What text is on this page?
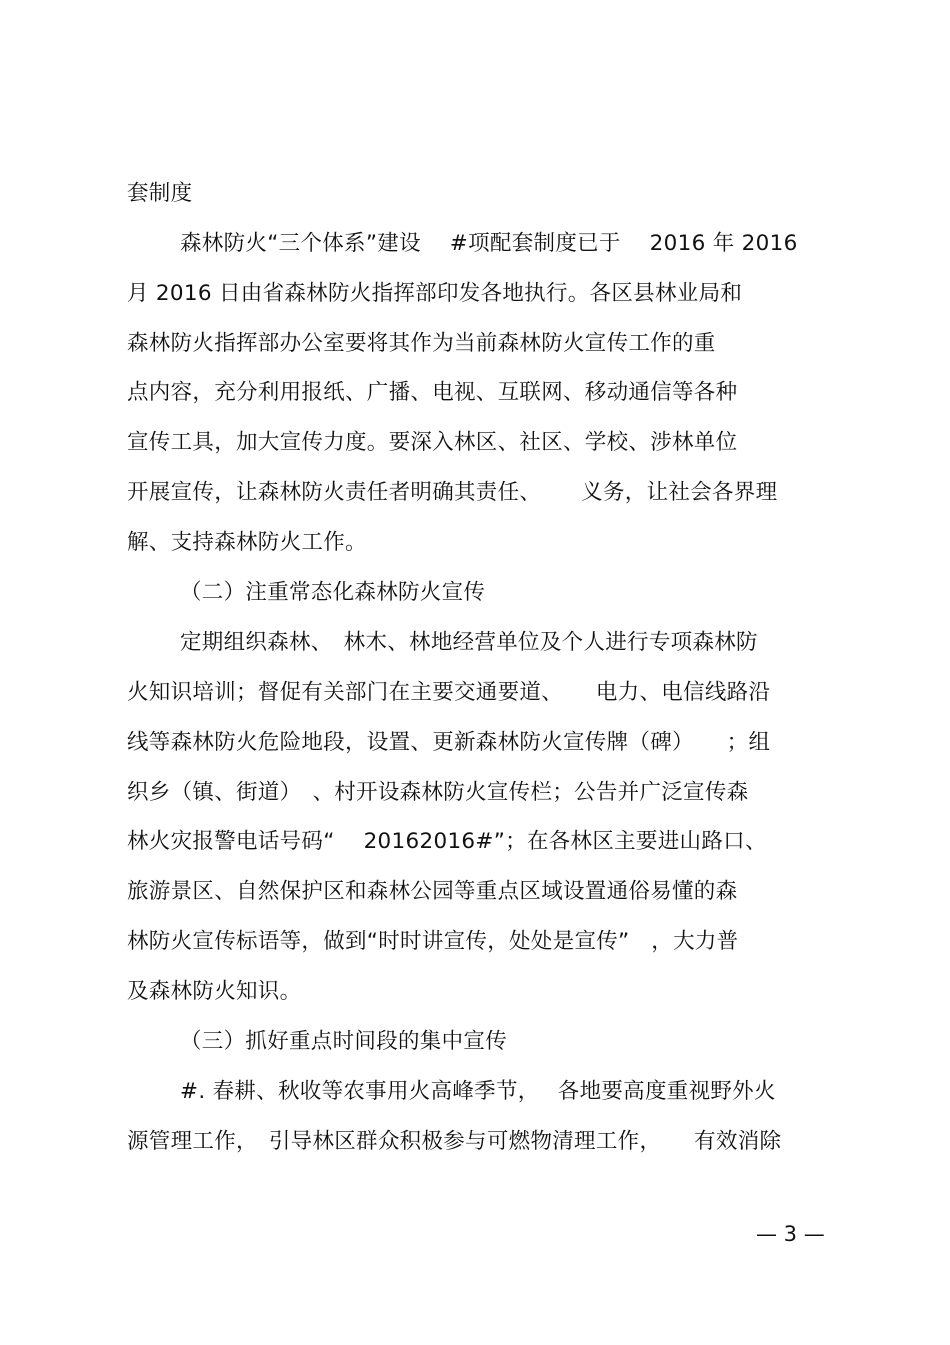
套制度
森林防火“三个体系”建设　 #项配套制度已于　 2016 年 2016
月 2016 日由省森林防火指挥部印发各地执行。各区县林业局和
森林防火指挥部办公室要将其作为当前森林防火宣传工作的重
点内容，充分利用报纸、广播、电视、互联网、移动通信等各种
宣传工具，加大宣传力度。要深入林区、社区、学校、涉林单位
开展宣传，让森林防火责任者明确其责任、　　 义务，让社会各界理
解、支持森林防火工作。
（二）注重常态化森林防火宣传
定期组织森林、　林木、林地经营单位及个人进行专项森林防
火知识培训；督促有关部门在主要交通要道、　　电力、电信线路沿
线等森林防火危险地段，设置、更新森林防火宣传牌（碑）　　；组
织乡（镇、街道）　、村开设森林防火宣传栏；公告并广泛宣传森
林火灾报警电话号码“　 20162016#”；在各林区主要进山路口、
旅游景区、自然保护区和森林公园等重点区域设置通俗易懂的森
林防火宣传标语等，做到“时时讲宣传，处处是宣传”　，大力普
及森林防火知识。
（三）抓好重点时间段的集中宣传
#. 春耕、秋收等农事用火高峰季节，　 各地要高度重视野外火
源管理工作，　引导林区群众积极参与可燃物清理工作，　　有效消除
— 3 —
